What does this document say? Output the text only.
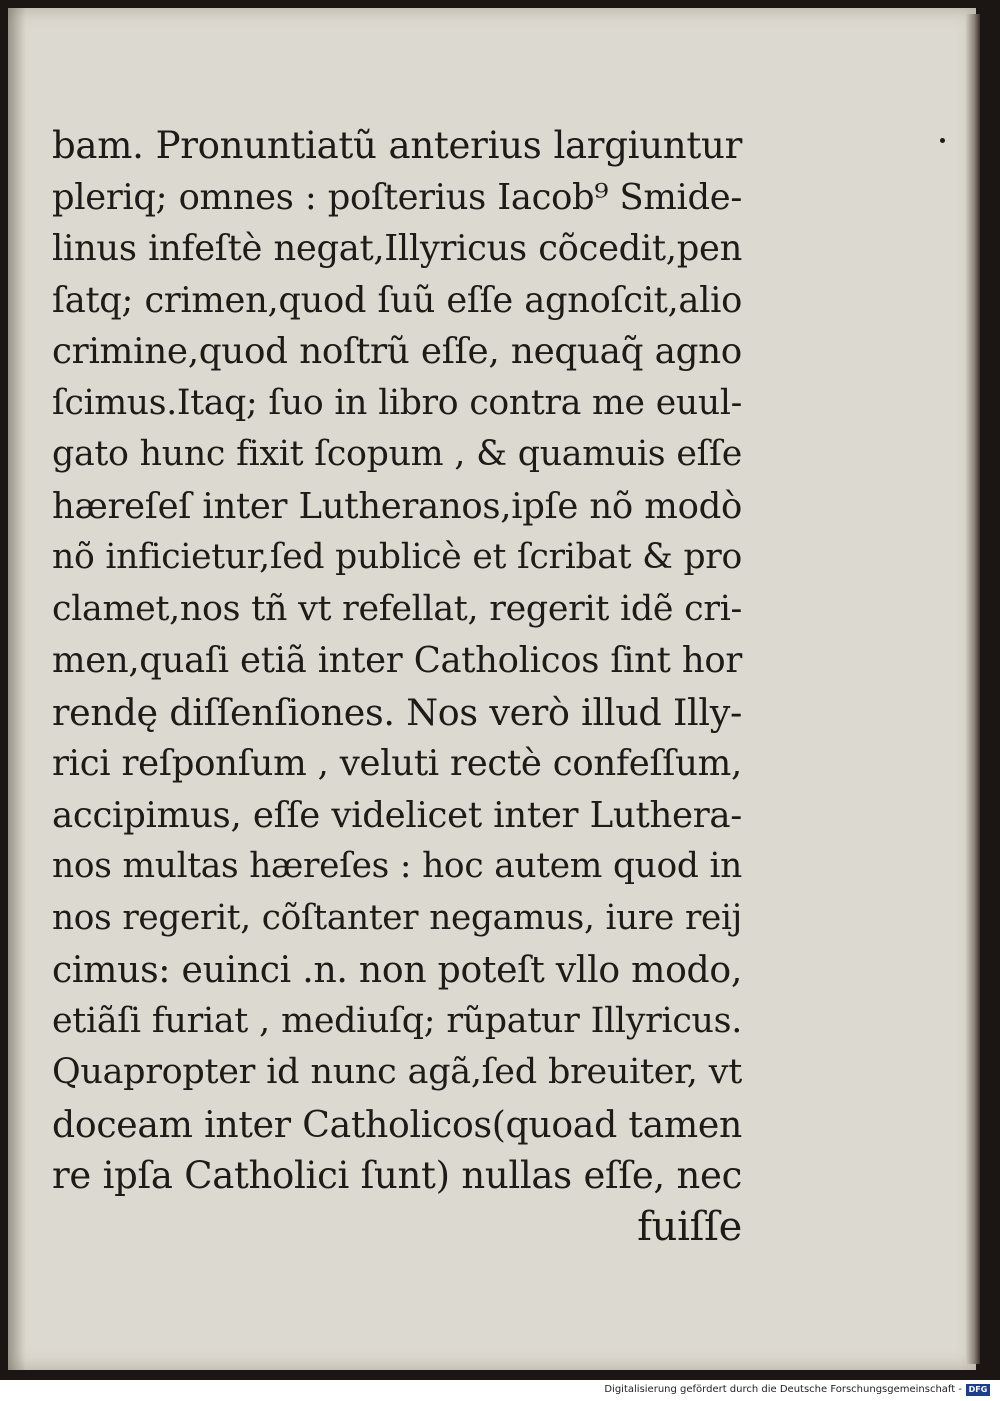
bam. Pronuntiatũ anterius largiuntur
pleriq; omnes : poſterius Iacob⁹ Smide-
linus infeſtè negat,Illyricus cõcedit,pen
ſatq; crimen,quod ſuũ eſſe agnoſcit,alio
crimine,quod noſtrũ eſſe, nequaq̃ agno
ſcimus.Itaq; ſuo in libro contra me euul-
gato hunc fixit ſcopum , & quamuis eſſe
hæreſeſ inter Lutheranos,ipſe nõ modò
nõ inficietur,ſed publicè et ſcribat & pro
clamet,nos tñ vt refellat, regerit idẽ cri-
men,quaſi etiã inter Catholicos ſint hor
rendę diſſenſiones. Nos verò illud Illy-
rici reſponſum , veluti rectè confeſſum,
accipimus, eſſe videlicet inter Luthera-
nos multas hæreſes : hoc autem quod in
nos regerit, cõſtanter negamus, iure reij
cimus: euinci .n. non poteſt vllo modo,
etiãſi furiat , mediuſq; rũpatur Illyricus.
Quapropter id nunc agã,ſed breuiter, vt
doceam inter Catholicos(quoad tamen
re ipſa Catholici ſunt) nullas eſſe, nec
fuiſſe
Digitalisierung gefördert durch die Deutsche Forschungsgemeinschaft - DFG
